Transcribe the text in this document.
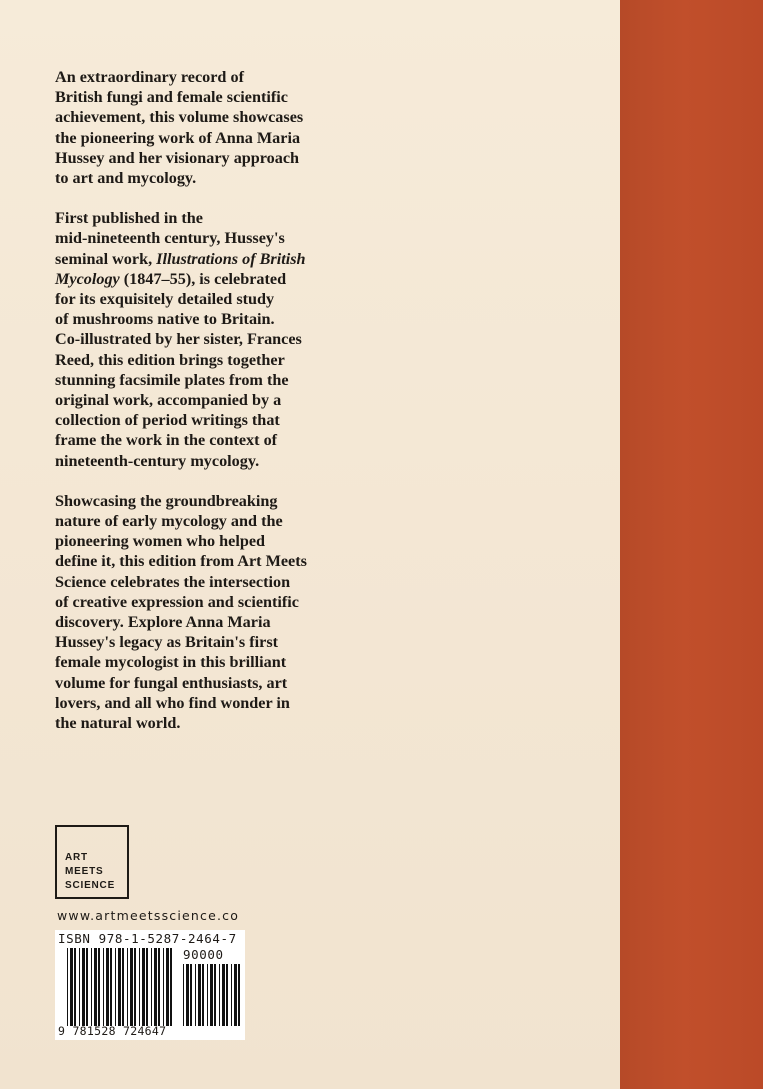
An extraordinary record of
British fungi and female scientific
achievement, this volume showcases
the pioneering work of Anna Maria
Hussey and her visionary approach
to art and mycology.

First published in the
mid-nineteenth century, Hussey's
seminal work, Illustrations of British
Mycology (1847–55), is celebrated
for its exquisitely detailed study
of mushrooms native to Britain.
Co-illustrated by her sister, Frances
Reed, this edition brings together
stunning facsimile plates from the
original work, accompanied by a
collection of period writings that
frame the work in the context of
nineteenth-century mycology.

Showcasing the groundbreaking
nature of early mycology and the
pioneering women who helped
define it, this edition from Art Meets
Science celebrates the intersection
of creative expression and scientific
discovery. Explore Anna Maria
Hussey's legacy as Britain's first
female mycologist in this brilliant
volume for fungal enthusiasts, art
lovers, and all who find wonder in
the natural world.

ART
MEETS
SCIENCE
www.artmeetsscience.co
ISBN 978-1-5287-2464-7
90000
9 781528 724647
